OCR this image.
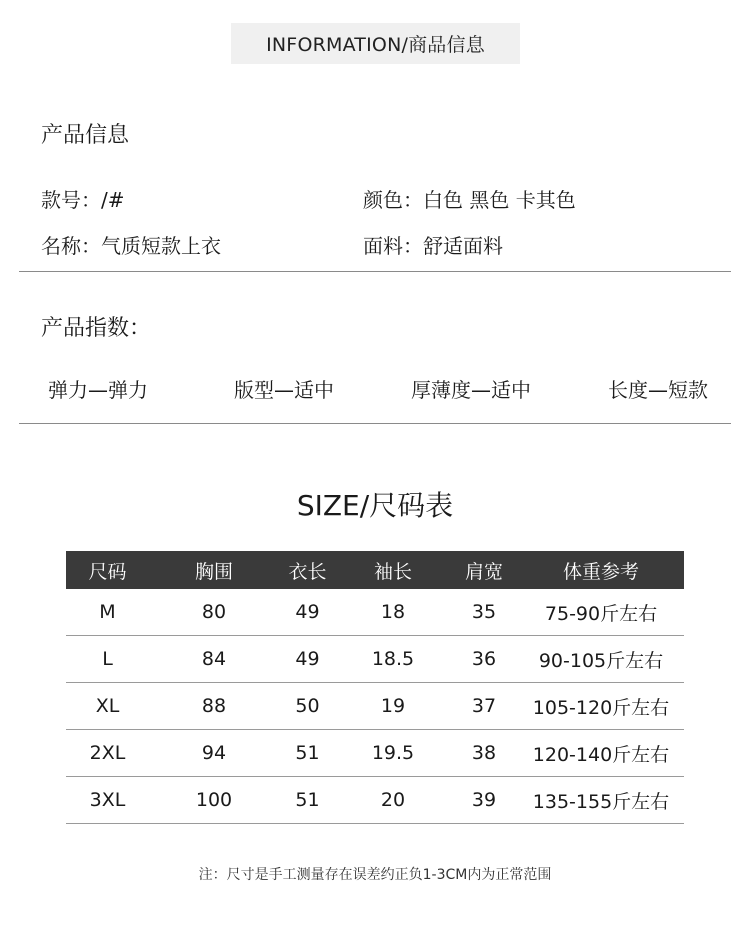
INFORMATION/商品信息
产品信息
款号：/#	颜色：白色 黑色 卡其色
名称：气质短款上衣	面料：舒适面料
产品指数：
弹力—弹力	版型—适中	厚薄度—适中	长度—短款
SIZE/尺码表
尺码	胸围	衣长	袖长	肩宽	体重参考
M	80	49	18	35	75-90斤左右
L	84	49	18.5	36	90-105斤左右
XL	88	50	19	37	105-120斤左右
2XL	94	51	19.5	38	120-140斤左右
3XL	100	51	20	39	135-155斤左右
注：尺寸是手工测量存在误差约正负1-3CM内为正常范围
